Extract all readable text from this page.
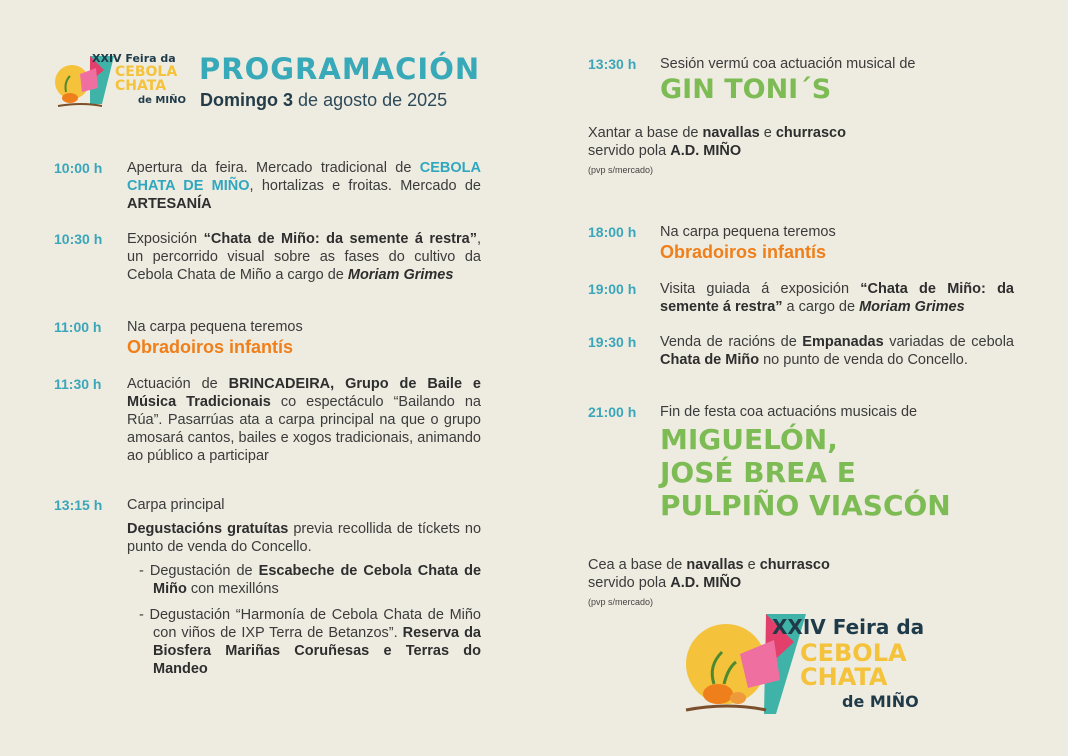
XXIV Feira da
CEBOLA
CHATA
de MIÑO
PROGRAMACIÓN
Domingo 3 de agosto de 2025
10:00 h Apertura da feira. Mercado tradicional de CEBOLA CHATA DE MIÑO, hortalizas e froitas. Mercado de ARTESANÍA
10:30 h Exposición “Chata de Miño: da semente á restra”, un percorrido visual sobre as fases do cultivo da Cebola Chata de Miño a cargo de Moriam Grimes
11:00 h Na carpa pequena teremos
Obradoiros infantís
11:30 h Actuación de BRINCADEIRA, Grupo de Baile e Música Tradicionais co espectáculo “Bailando na Rúa”. Pasarrúas ata a carpa principal na que o grupo amosará cantos, bailes e xogos tradicionais, animando ao público a participar
13:15 h Carpa principal
Degustacións gratuítas previa recollida de tíckets no punto de venda do Concello.
- Degustación de Escabeche de Cebola Chata de Miño con mexillóns
- Degustación “Harmonía de Cebola Chata de Miño con viños de IXP Terra de Betanzos”. Reserva da Biosfera Mariñas Coruñesas e Terras do Mandeo
13:30 h Sesión vermú coa actuación musical de
GIN TONI´S
Xantar a base de navallas e churrasco
servido pola A.D. MIÑO
(pvp s/mercado)
18:00 h Na carpa pequena teremos
Obradoiros infantís
19:00 h Visita guiada á exposición “Chata de Miño: da semente á restra” a cargo de Moriam Grimes
19:30 h Venda de racións de Empanadas variadas de cebola Chata de Miño no punto de venda do Concello.
21:00 h Fin de festa coa actuacións musicais de
MIGUELÓN,
JOSÉ BREA E
PULPIÑO VIASCÓN
Cea a base de navallas e churrasco
servido pola A.D. MIÑO
(pvp s/mercado)
XXIV Feira da
CEBOLA
CHATA
de MIÑO
